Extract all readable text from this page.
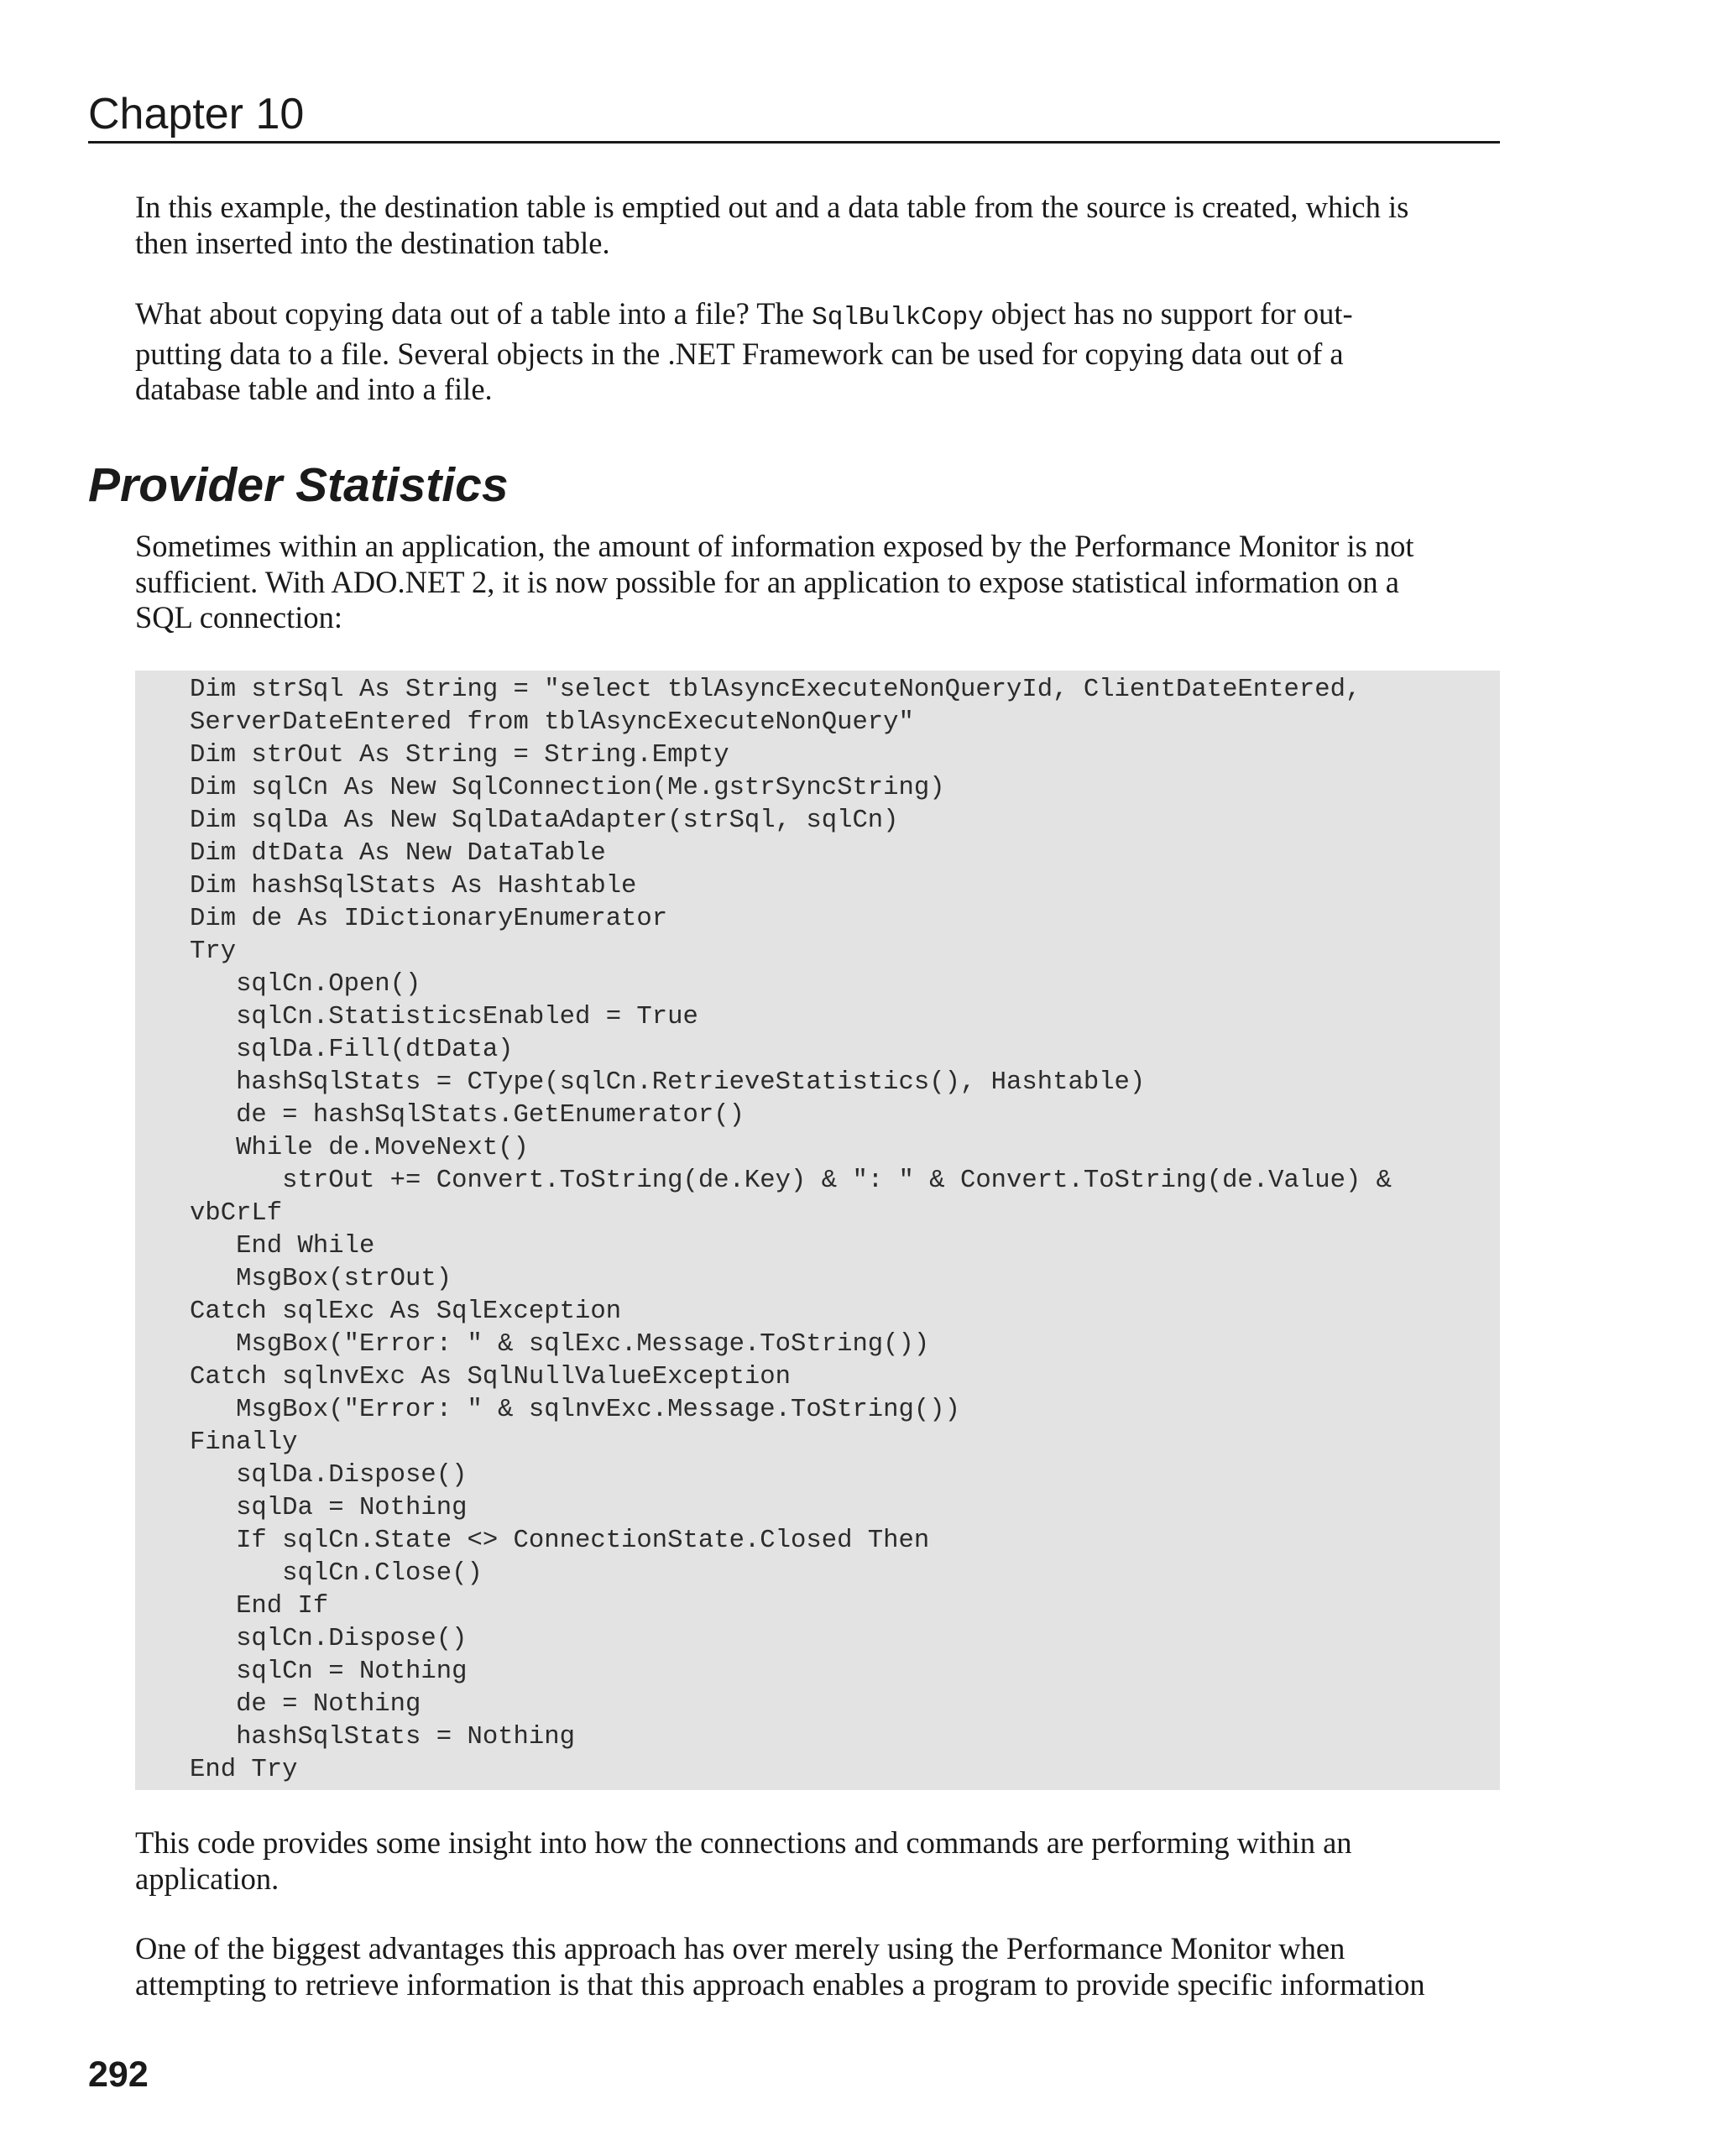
Chapter 10

In this example, the destination table is emptied out and a data table from the source is created, which is
then inserted into the destination table.

What about copying data out of a table into a file? The SqlBulkCopy object has no support for out-
putting data to a file. Several objects in the .NET Framework can be used for copying data out of a
database table and into a file.

Provider Statistics

Sometimes within an application, the amount of information exposed by the Performance Monitor is not
sufficient. With ADO.NET 2, it is now possible for an application to expose statistical information on a
SQL connection:

Dim strSql As String = "select tblAsyncExecuteNonQueryId, ClientDateEntered,
ServerDateEntered from tblAsyncExecuteNonQuery"
Dim strOut As String = String.Empty
Dim sqlCn As New SqlConnection(Me.gstrSyncString)
Dim sqlDa As New SqlDataAdapter(strSql, sqlCn)
Dim dtData As New DataTable
Dim hashSqlStats As Hashtable
Dim de As IDictionaryEnumerator
Try
sqlCn.Open()
sqlCn.StatisticsEnabled = True
sqlDa.Fill(dtData)
hashSqlStats = CType(sqlCn.RetrieveStatistics(), Hashtable)
de = hashSqlStats.GetEnumerator()
While de.MoveNext()
strOut += Convert.ToString(de.Key) & ": " & Convert.ToString(de.Value) &
vbCrLf
End While
MsgBox(strOut)
Catch sqlExc As SqlException
MsgBox("Error: " & sqlExc.Message.ToString())
Catch sqlnvExc As SqlNullValueException
MsgBox("Error: " & sqlnvExc.Message.ToString())
Finally
sqlDa.Dispose()
sqlDa = Nothing
If sqlCn.State <> ConnectionState.Closed Then
sqlCn.Close()
End If
sqlCn.Dispose()
sqlCn = Nothing
de = Nothing
hashSqlStats = Nothing
End Try

This code provides some insight into how the connections and commands are performing within an
application.

One of the biggest advantages this approach has over merely using the Performance Monitor when
attempting to retrieve information is that this approach enables a program to provide specific information

292
